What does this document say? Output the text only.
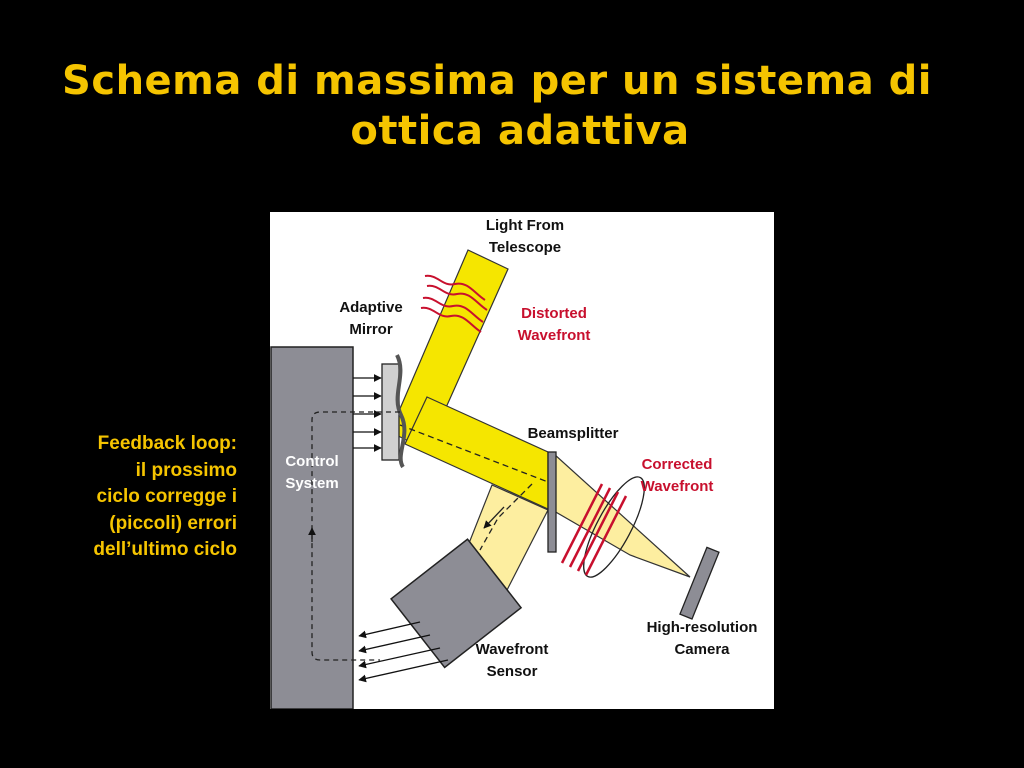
Schema di massima per un sistema di
ottica adattiva

Feedback loop:
il prossimo
ciclo corregge i
(piccoli) errori
dell’ultimo ciclo

Light From
Telescope
Distorted
Wavefront
Adaptive
Mirror
Beamsplitter
Corrected
Wavefront
Control
System
Wavefront
Sensor
High-resolution
Camera
